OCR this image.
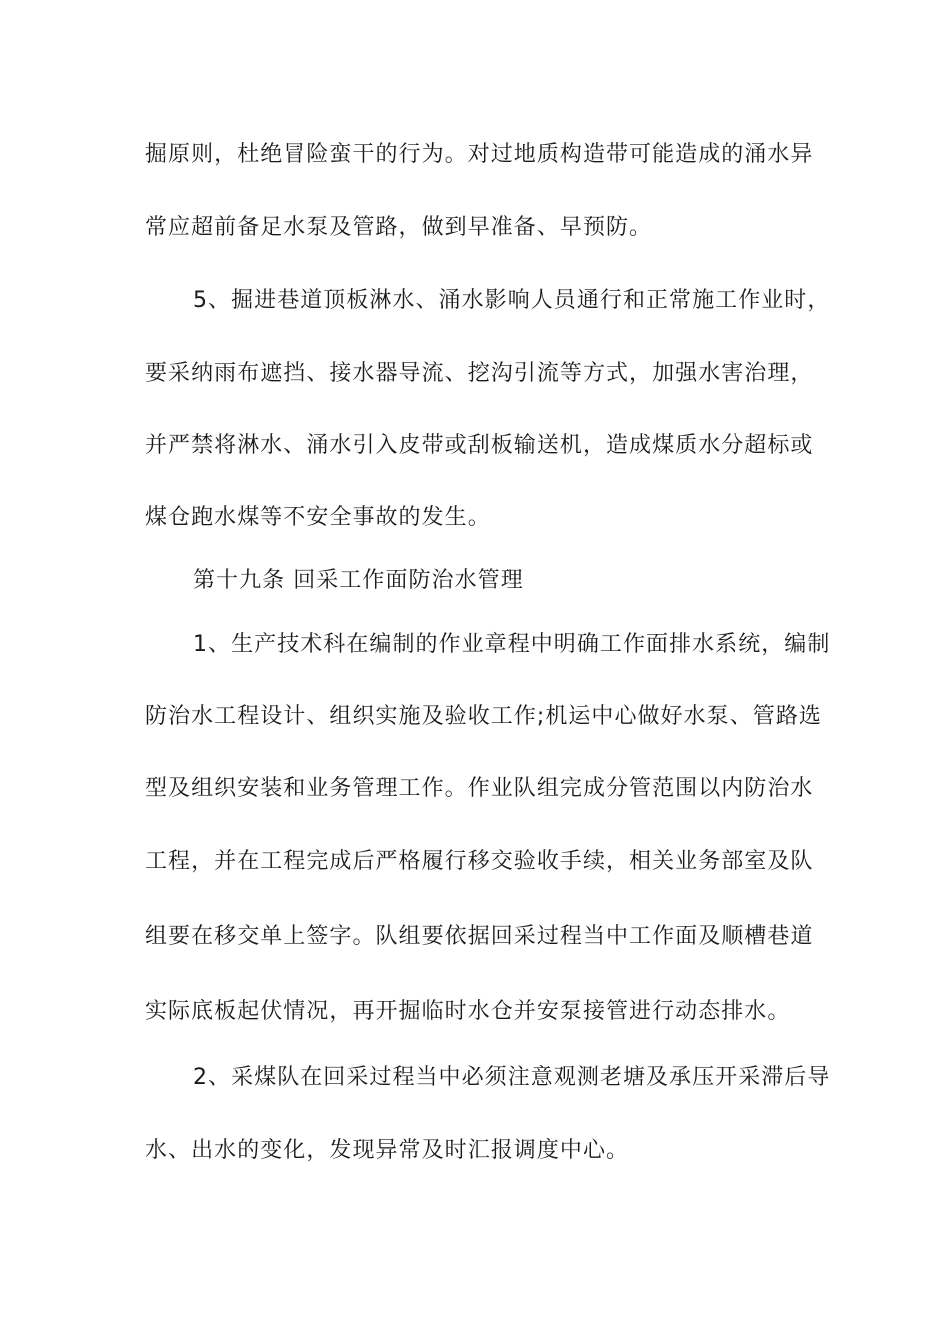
掘原则，杜绝冒险蛮干的行为。对过地质构造带可能造成的涌水异
常应超前备足水泵及管路，做到早准备、早预防。
5、掘进巷道顶板淋水、涌水影响人员通行和正常施工作业时，
要采纳雨布遮挡、接水器导流、挖沟引流等方式，加强水害治理，
并严禁将淋水、涌水引入皮带或刮板输送机，造成煤质水分超标或
煤仓跑水煤等不安全事故的发生。
第十九条 回采工作面防治水管理
1、生产技术科在编制的作业章程中明确工作面排水系统，编制
防治水工程设计、组织实施及验收工作;机运中心做好水泵、管路选
型及组织安装和业务管理工作。作业队组完成分管范围以内防治水
工程，并在工程完成后严格履行移交验收手续，相关业务部室及队
组要在移交单上签字。队组要依据回采过程当中工作面及顺槽巷道
实际底板起伏情况，再开掘临时水仓并安泵接管进行动态排水。
2、采煤队在回采过程当中必须注意观测老塘及承压开采滞后导
水、出水的变化，发现异常及时汇报调度中心。
